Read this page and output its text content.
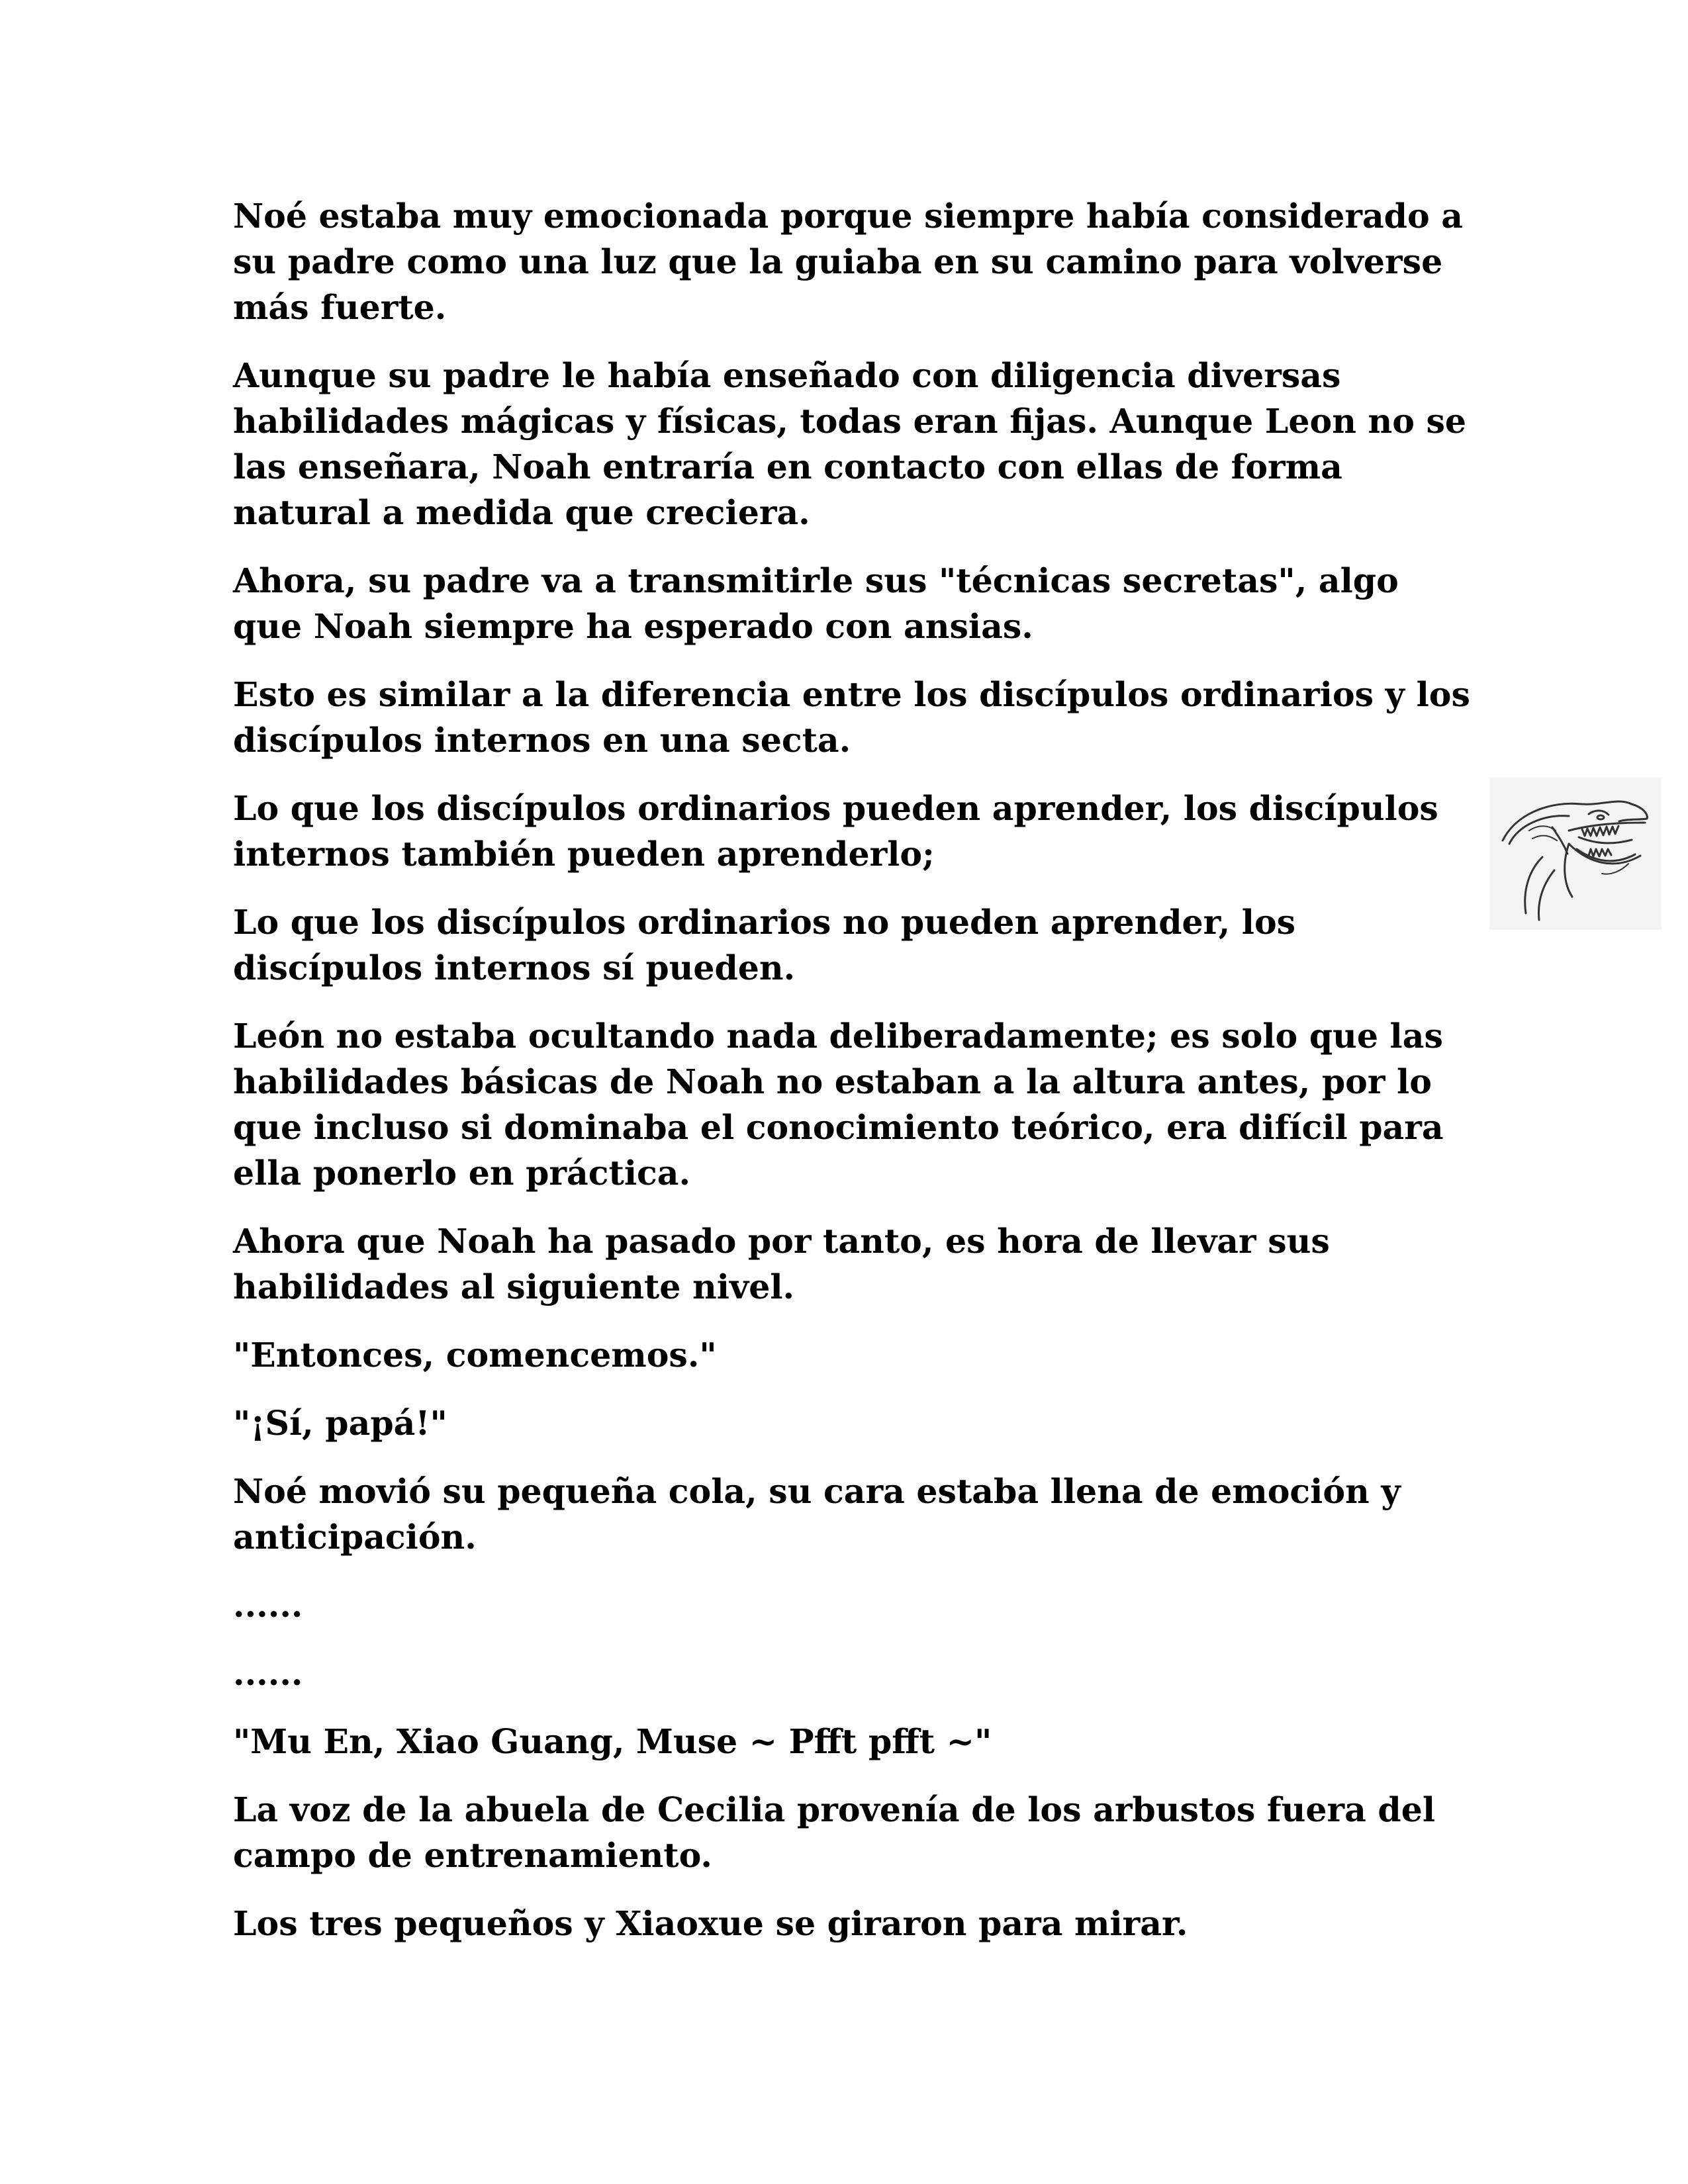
Noé estaba muy emocionada porque siempre había considerado a su padre como una luz que la guiaba en su camino para volverse más fuerte.

Aunque su padre le había enseñado con diligencia diversas habilidades mágicas y físicas, todas eran fijas. Aunque Leon no se las enseñara, Noah entraría en contacto con ellas de forma natural a medida que creciera.

Ahora, su padre va a transmitirle sus "técnicas secretas", algo que Noah siempre ha esperado con ansias.

Esto es similar a la diferencia entre los discípulos ordinarios y los discípulos internos en una secta.

Lo que los discípulos ordinarios pueden aprender, los discípulos internos también pueden aprenderlo;

Lo que los discípulos ordinarios no pueden aprender, los discípulos internos sí pueden.

León no estaba ocultando nada deliberadamente; es solo que las habilidades básicas de Noah no estaban a la altura antes, por lo que incluso si dominaba el conocimiento teórico, era difícil para ella ponerlo en práctica.

Ahora que Noah ha pasado por tanto, es hora de llevar sus habilidades al siguiente nivel.

"Entonces, comencemos."

"¡Sí, papá!"

Noé movió su pequeña cola, su cara estaba llena de emoción y anticipación.

......

......

"Mu En, Xiao Guang, Muse ~ Pfft pfft ~"

La voz de la abuela de Cecilia provenía de los arbustos fuera del campo de entrenamiento.

Los tres pequeños y Xiaoxue se giraron para mirar.
